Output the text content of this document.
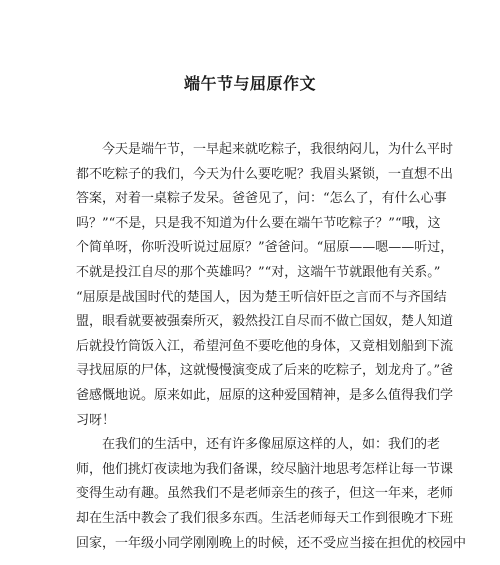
端午节与屈原作文
今天是端午节，一早起来就吃粽子，我很纳闷儿，为什么平时
都不吃粽子的我们，今天为什么要吃呢？我眉头紧锁，一直想不出
答案，对着一桌粽子发呆。爸爸见了，问：“怎么了，有什么心事
吗？”“不是，只是我不知道为什么要在端午节吃粽子？”“哦，这
个简单呀，你听没听说过屈原？”爸爸问。“屈原——嗯——听过，
不就是投江自尽的那个英雄吗？”“对，这端午节就跟他有关系。”
“屈原是战国时代的楚国人，因为楚王听信奸臣之言而不与齐国结
盟，眼看就要被强秦所灭，毅然投江自尽而不做亡国奴，楚人知道
后就投竹筒饭入江，希望河鱼不要吃他的身体，又竟相划船到下流
寻找屈原的尸体，这就慢慢演变成了后来的吃粽子，划龙舟了。”爸
爸感慨地说。原来如此，屈原的这种爱国精神，是多么值得我们学
习呀！
在我们的生活中，还有许多像屈原这样的人，如：我们的老
师，他们挑灯夜读地为我们备课，绞尽脑汁地思考怎样让每一节课
变得生动有趣。虽然我们不是老师亲生的孩子，但这一年来，老师
却在生活中教会了我们很多东西。生活老师每天工作到很晚才下班
回家，一年级小同学刚刚晚上的时候，还不受应当接在担优的校园中
